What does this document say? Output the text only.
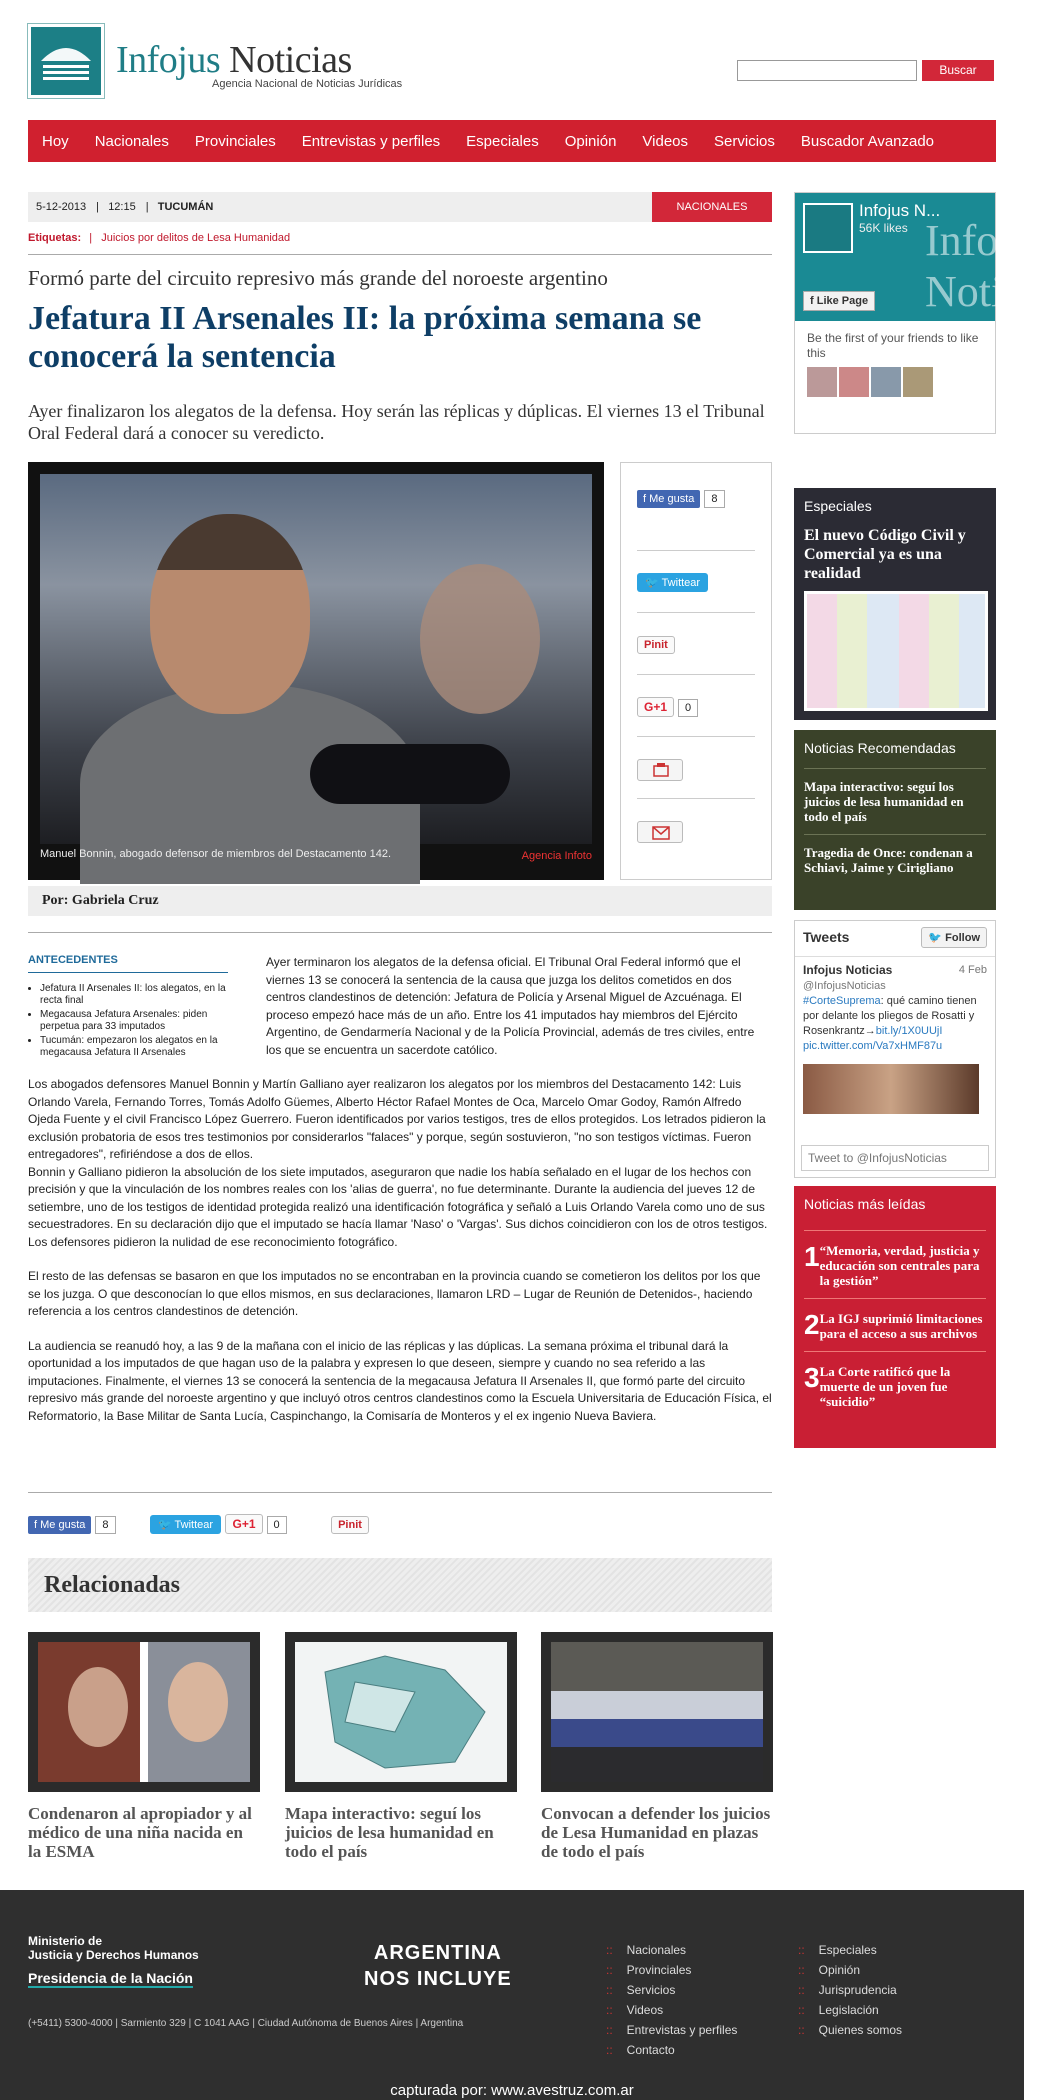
Infojus Noticias
Agencia Nacional de Noticias Jurídicas
Buscar
Hoy Nacionales Provinciales Entrevistas y perfiles Especiales Opinión Videos Servicios Buscador Avanzado
5-12-2013 |   12:15 |   TUCUMÁN	NACIONALES
Etiquetas: |   Juicios por delitos de Lesa Humanidad
Formó parte del circuito represivo más grande del noroeste argentino
Jefatura II Arsenales II: la próxima semana se conocerá la sentencia
Ayer finalizaron los alegatos de la defensa. Hoy serán las réplicas y dúplicas. El viernes 13 el Tribunal Oral Federal dará a conocer su veredicto.
Manuel Bonnin, abogado defensor de miembros del Destacamento 142.	Agencia Infoto
f Me gusta 8
🐦 Twittear
Pinit
G+1 0
Por: Gabriela Cruz

Ayer terminaron los alegatos de la defensa oficial. El Tribunal Oral Federal informó que el viernes 13 se conocerá la sentencia de la causa que juzga los delitos cometidos en dos centros clandestinos de detención: Jefatura de Policía y Arsenal Miguel de Azcuénaga. El proceso empezó hace más de un año. Entre los 41 imputados hay miembros del Ejército Argentino, de Gendarmería Nacional y de la Policía Provincial, además de tres civiles, entre los que se encuentra un sacerdote católico.

Los abogados defensores Manuel Bonnin y Martín Galliano ayer realizaron los alegatos por los miembros del Destacamento 142: Luis Orlando Varela, Fernando Torres, Tomás Adolfo Güemes, Alberto Héctor Rafael Montes de Oca, Marcelo Omar Godoy, Ramón Alfredo Ojeda Fuente y el civil Francisco López Guerrero. Fueron identificados por varios testigos, tres de ellos protegidos. Los letrados pidieron la exclusión probatoria de esos tres testimonios por considerarlos "falaces" y porque, según sostuvieron, "no son testigos víctimas. Fueron entregadores", refiriéndose a dos de ellos.

Bonnin y Galliano pidieron la absolución de los siete imputados, aseguraron que nadie los había señalado en el lugar de los hechos con precisión y que la vinculación de los nombres reales con los 'alias de guerra', no fue determinante. Durante la audiencia del jueves 12 de setiembre, uno de los testigos de identidad protegida realizó una identificación fotográfica y señaló a Luis Orlando Varela como uno de sus secuestradores. En su declaración dijo que el imputado se hacía llamar 'Naso' o 'Vargas'. Sus dichos coincidieron con los de otros testigos. Los defensores pidieron la nulidad de ese reconocimiento fotográfico.

El resto de las defensas se basaron en que los imputados no se encontraban en la provincia cuando se cometieron los delitos por los que se los juzga. O que desconocían lo que ellos mismos, en sus declaraciones, llamaron LRD – Lugar de Reunión de Detenidos-, haciendo referencia a los centros clandestinos de detención.

La audiencia se reanudó hoy, a las 9 de la mañana con el inicio de las réplicas y las dúplicas. La semana próxima el tribunal dará la oportunidad a los imputados de que hagan uso de la palabra y expresen lo que deseen, siempre y cuando no sea referido a las imputaciones. Finalmente, el viernes 13 se conocerá la sentencia de la megacausa Jefatura II Arsenales II, que formó parte del circuito represivo más grande del noroeste argentino y que incluyó otros centros clandestinos como la Escuela Universitaria de Educación Física, el Reformatorio, la Base Militar de Santa Lucía, Caspinchango, la Comisaría de Monteros y el ex ingenio Nueva Baviera.

ANTECEDENTES
• Jefatura II Arsenales II: los alegatos, en la recta final
• Megacausa Jefatura Arsenales: piden perpetua para 33 imputados
• Tucumán: empezaron los alegatos en la megacausa Jefatura II Arsenales
f Me gusta 8	🐦 Twittear G+1 0	Pinit
Relacionadas
Condenaron al apropiador y al médico de una niña nacida en la ESMA
Mapa interactivo: seguí los juicios de lesa humanidad en todo el país
Convocan a defender los juicios de Lesa Humanidad en plazas de todo el país
Infojus Noti
Infojus N...
56K likes
f Like Page
Be the first of your friends to like this
Especiales
El nuevo Código Civil y Comercial ya es una realidad
Noticias Recomendadas
Mapa interactivo: seguí los juicios de lesa humanidad en todo el país
Tragedia de Once: condenan a Schiavi, Jaime y Cirigliano
Tweets	🐦 Follow
Infojus Noticias	4 Feb
@InfojusNoticias
#CorteSuprema: qué camino tienen por delante los pliegos de Rosatti y Rosenkrantz→bit.ly/1X0UUjI
pic.twitter.com/Va7xHMF87u
Tweet to @InfojusNoticias
Noticias más leídas
1 “Memoria, verdad, justicia y educación son centrales para la gestión”
2 La IGJ suprimió limitaciones para el acceso a sus archivos
3 La Corte ratificó que la muerte de un joven fue “suicidio”
Ministerio de
Justicia y Derechos Humanos
Presidencia de la Nación
ARGENTINA
NOS INCLUYE
(+5411) 5300-4000 | Sarmiento 329 | C 1041 AAG | Ciudad Autónoma de Buenos Aires | Argentina
:: Nacionales
:: Provinciales
:: Servicios
:: Videos
:: Entrevistas y perfiles
:: Contacto
:: Especiales
:: Opinión
:: Jurisprudencia
:: Legislación
:: Quienes somos
capturada por: www.avestruz.com.ar
